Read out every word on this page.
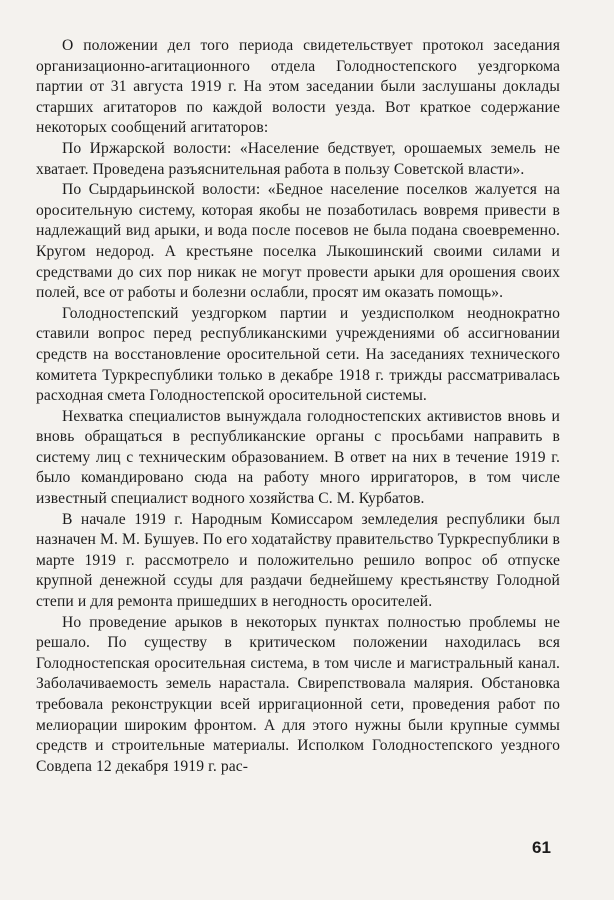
О положении дел того периода свидетельствует протокол заседания организационно-агитационного отдела Голодностепского уездгоркома партии от 31 августа 1919 г. На этом заседании были заслушаны доклады старших агитаторов по каждой волости уезда. Вот краткое содержание некоторых сообщений агитаторов:

По Иржарской волости: «Население бедствует, орошаемых земель не хватает. Проведена разъяснительная работа в пользу Советской власти».

По Сырдарьинской волости: «Бедное население поселков жалуется на оросительную систему, которая якобы не позаботилась вовремя привести в надлежащий вид арыки, и вода после посевов не была подана своевременно. Кругом недород. А крестьяне поселка Лыкошинский своими силами и средствами до сих пор никак не могут провести арыки для орошения своих полей, все от работы и болезни ослабли, просят им оказать помощь».

Голодностепский уездгорком партии и уездисполком неоднократно ставили вопрос перед республиканскими учреждениями об ассигновании средств на восстановление оросительной сети. На заседаниях технического комитета Туркреспублики только в декабре 1918 г. трижды рассматривалась расходная смета Голодностепской оросительной системы.

Нехватка специалистов вынуждала голодностепских активистов вновь и вновь обращаться в республиканские органы с просьбами направить в систему лиц с техническим образованием. В ответ на них в течение 1919 г. было командировано сюда на работу много ирригаторов, в том числе известный специалист водного хозяйства С. М. Курбатов.

В начале 1919 г. Народным Комиссаром земледелия республики был назначен М. М. Бушуев. По его ходатайству правительство Туркреспублики в марте 1919 г. рассмотрело и положительно решило вопрос об отпуске крупной денежной ссуды для раздачи беднейшему крестьянству Голодной степи и для ремонта пришедших в негодность оросителей.

Но проведение арыков в некоторых пунктах полностью проблемы не решало. По существу в критическом положении находилась вся Голодностепская оросительная система, в том числе и магистральный канал. Заболачиваемость земель нарастала. Свирепствовала малярия. Обстановка требовала реконструкции всей ирригационной сети, проведения работ по мелиорации широким фронтом. А для этого нужны были крупные суммы средств и строительные материалы. Исполком Голодностепского уездного Совдепа 12 декабря 1919 г. рас-

61
